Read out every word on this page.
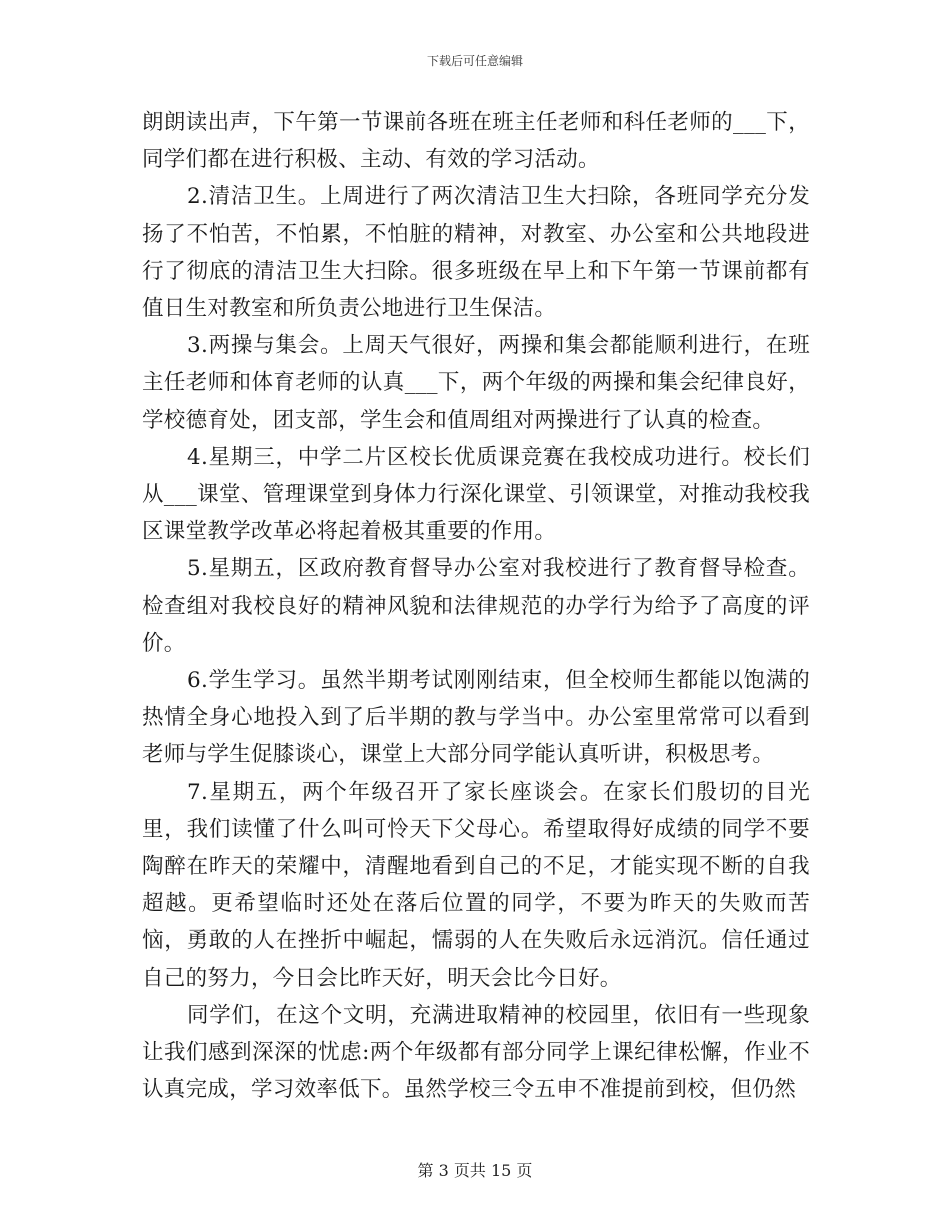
下载后可任意编辑

朗朗读出声，下午第一节课前各班在班主任老师和科任老师的___下，同学们都在进行积极、主动、有效的学习活动。

2.清洁卫生。上周进行了两次清洁卫生大扫除，各班同学充分发扬了不怕苦，不怕累，不怕脏的精神，对教室、办公室和公共地段进行了彻底的清洁卫生大扫除。很多班级在早上和下午第一节课前都有值日生对教室和所负责公地进行卫生保洁。

3.两操与集会。上周天气很好，两操和集会都能顺利进行，在班主任老师和体育老师的认真___下，两个年级的两操和集会纪律良好，学校德育处，团支部，学生会和值周组对两操进行了认真的检查。

4.星期三，中学二片区校长优质课竞赛在我校成功进行。校长们从___课堂、管理课堂到身体力行深化课堂、引领课堂，对推动我校我区课堂教学改革必将起着极其重要的作用。

5.星期五，区政府教育督导办公室对我校进行了教育督导检查。检查组对我校良好的精神风貌和法律规范的办学行为给予了高度的评价。

6.学生学习。虽然半期考试刚刚结束，但全校师生都能以饱满的热情全身心地投入到了后半期的教与学当中。办公室里常常可以看到老师与学生促膝谈心，课堂上大部分同学能认真听讲，积极思考。

7.星期五，两个年级召开了家长座谈会。在家长们殷切的目光里，我们读懂了什么叫可怜天下父母心。希望取得好成绩的同学不要陶醉在昨天的荣耀中，清醒地看到自己的不足，才能实现不断的自我超越。更希望临时还处在落后位置的同学，不要为昨天的失败而苦恼，勇敢的人在挫折中崛起，懦弱的人在失败后永远消沉。信任通过自己的努力，今日会比昨天好，明天会比今日好。

同学们，在这个文明，充满进取精神的校园里，依旧有一些现象让我们感到深深的忧虑:两个年级都有部分同学上课纪律松懈，作业不认真完成，学习效率低下。虽然学校三令五申不准提前到校，但仍然

第 3 页共 15 页
